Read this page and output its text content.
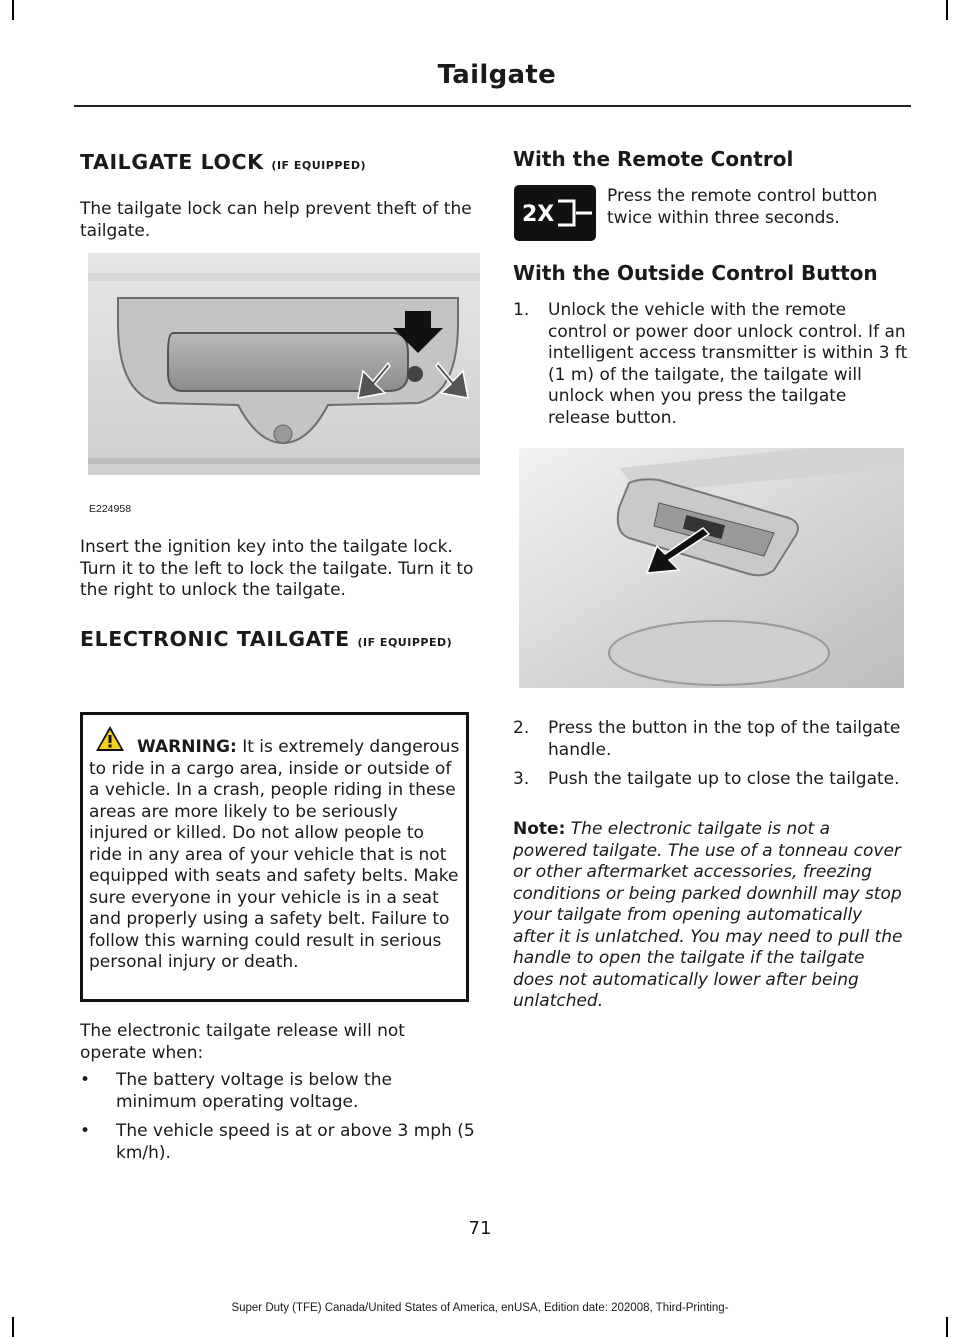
Tailgate
TAILGATE LOCK (IF EQUIPPED)

The tailgate lock can help prevent theft of the tailgate.

E224958

Insert the ignition key into the tailgate lock. Turn it to the left to lock the tailgate. Turn it to the right to unlock the tailgate.

ELECTRONIC TAILGATE (IF EQUIPPED)
WARNING: It is extremely dangerous to ride in a cargo area, inside or outside of a vehicle. In a crash, people riding in these areas are more likely to be seriously injured or killed. Do not allow people to ride in any area of your vehicle that is not equipped with seats and safety belts. Make sure everyone in your vehicle is in a seat and properly using a safety belt. Failure to follow this warning could result in serious personal injury or death.

The electronic tailgate release will not operate when:

• The battery voltage is below the minimum operating voltage.
• The vehicle speed is at or above 3 mph (5 km/h).
With the Remote Control
2X

Press the remote control button twice within three seconds.

With the Outside Control Button
1. Unlock the vehicle with the remote control or power door unlock control. If an intelligent access transmitter is within 3 ft (1 m) of the tailgate, the tailgate will unlock when you press the tailgate release button.
2. Press the button in the top of the tailgate handle.
3. Push the tailgate up to close the tailgate.
Note: The electronic tailgate is not a powered tailgate. The use of a tonneau cover or other aftermarket accessories, freezing conditions or being parked downhill may stop your tailgate from opening automatically after it is unlatched. You may need to pull the handle to open the tailgate if the tailgate does not automatically lower after being unlatched.
71
Super Duty (TFE) Canada/United States of America, enUSA, Edition date: 202008, Third-Printing-
